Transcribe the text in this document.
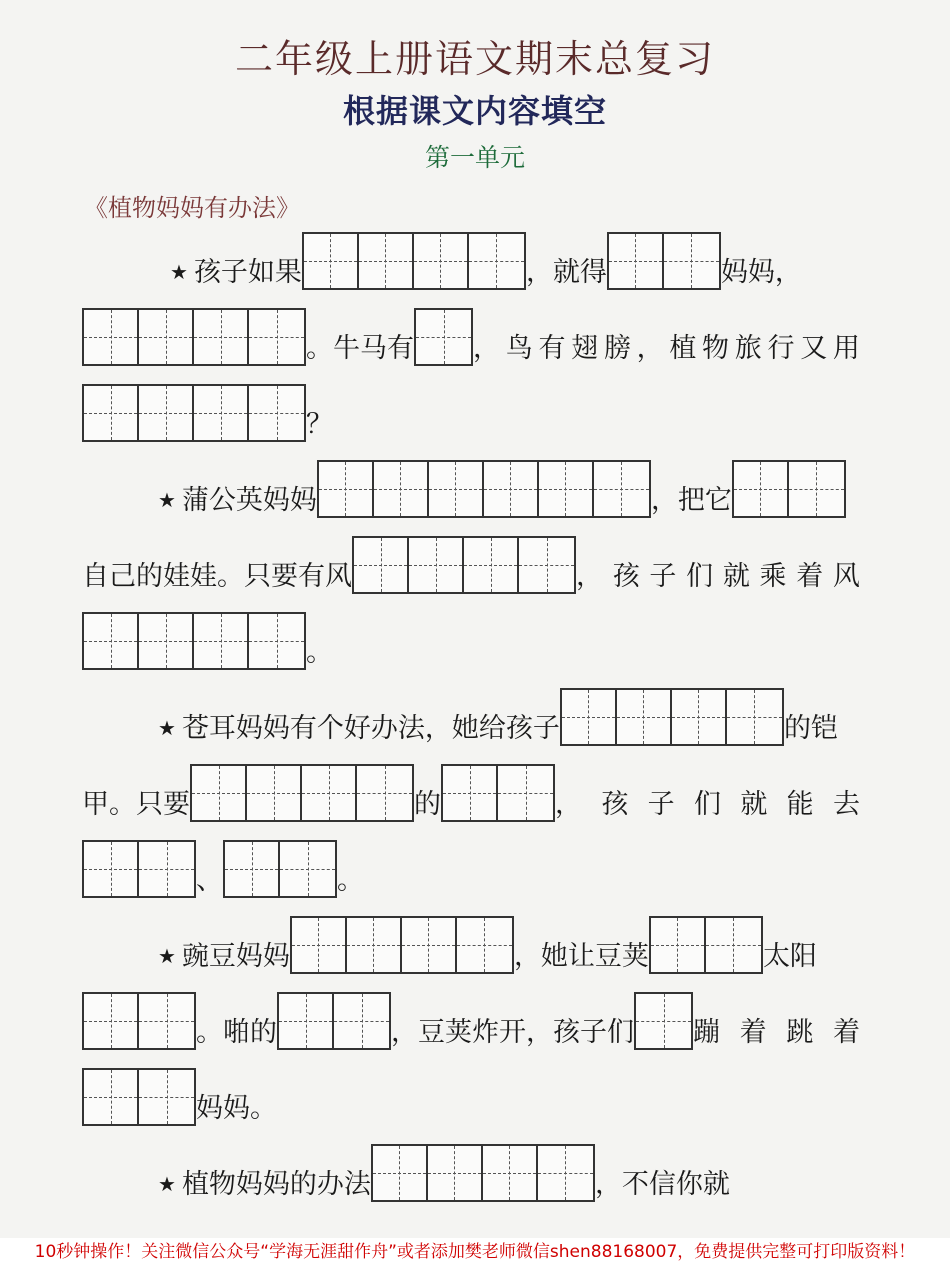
二年级上册语文期末总复习
根据课文内容填空
第一单元
《植物妈妈有办法》
★ 孩子如果	，就得	妈妈，
。牛马有 ， 鸟 有 翅 膀 ， 植 物 旅 行 又 用
？
★ 蒲公英妈妈	，把它
自己的娃娃。只要有风	， 孩 子 们 就 乘 着 风
。
★ 苍耳妈妈有个好办法，她给孩子	的铠
甲。只要	的	， 孩 子 们 就 能 去
、	。
★ 豌豆妈妈	，她让豆荚	太阳
。啪的	，豆荚炸开，孩子们 蹦 着 跳 着
妈妈。
★ 植物妈妈的办法	，不信你就
10秒钟操作！关注微信公众号“学海无涯甜作舟”或者添加樊老师微信shen88168007，免费提供完整可打印版资料！
